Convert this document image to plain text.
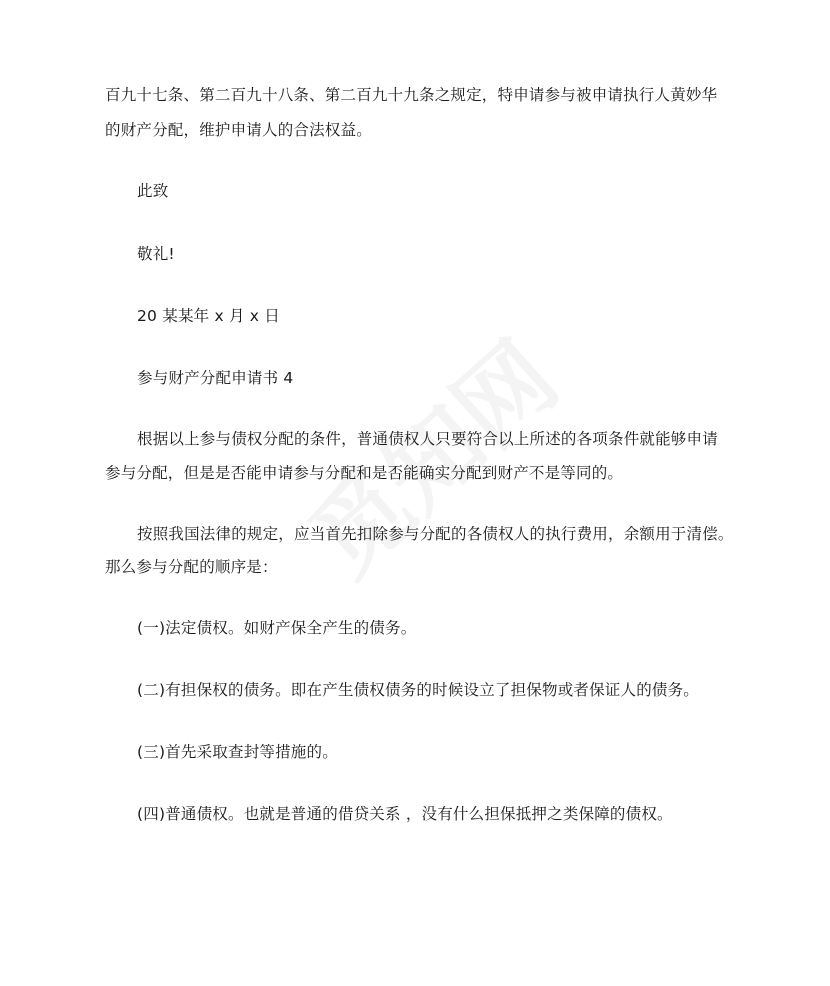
百九十七条、第二百九十八条、第二百九十九条之规定，特申请参与被申请执行人黄妙华

的财产分配，维护申请人的合法权益。

此致

敬礼!

20 某某年 x 月 x 日

参与财产分配申请书 4

根据以上参与债权分配的条件，普通债权人只要符合以上所述的各项条件就能够申请

参与分配，但是是否能申请参与分配和是否能确实分配到财产不是等同的。

按照我国法律的规定，应当首先扣除参与分配的各债权人的执行费用，余额用于清偿。

那么参与分配的顺序是：

(一)法定债权。如财产保全产生的债务。

(二)有担保权的债务。即在产生债权债务的时候设立了担保物或者保证人的债务。

(三)首先采取查封等措施的。

(四)普通债权。也就是普通的借贷关系 ，没有什么担保抵押之类保障的债权。
